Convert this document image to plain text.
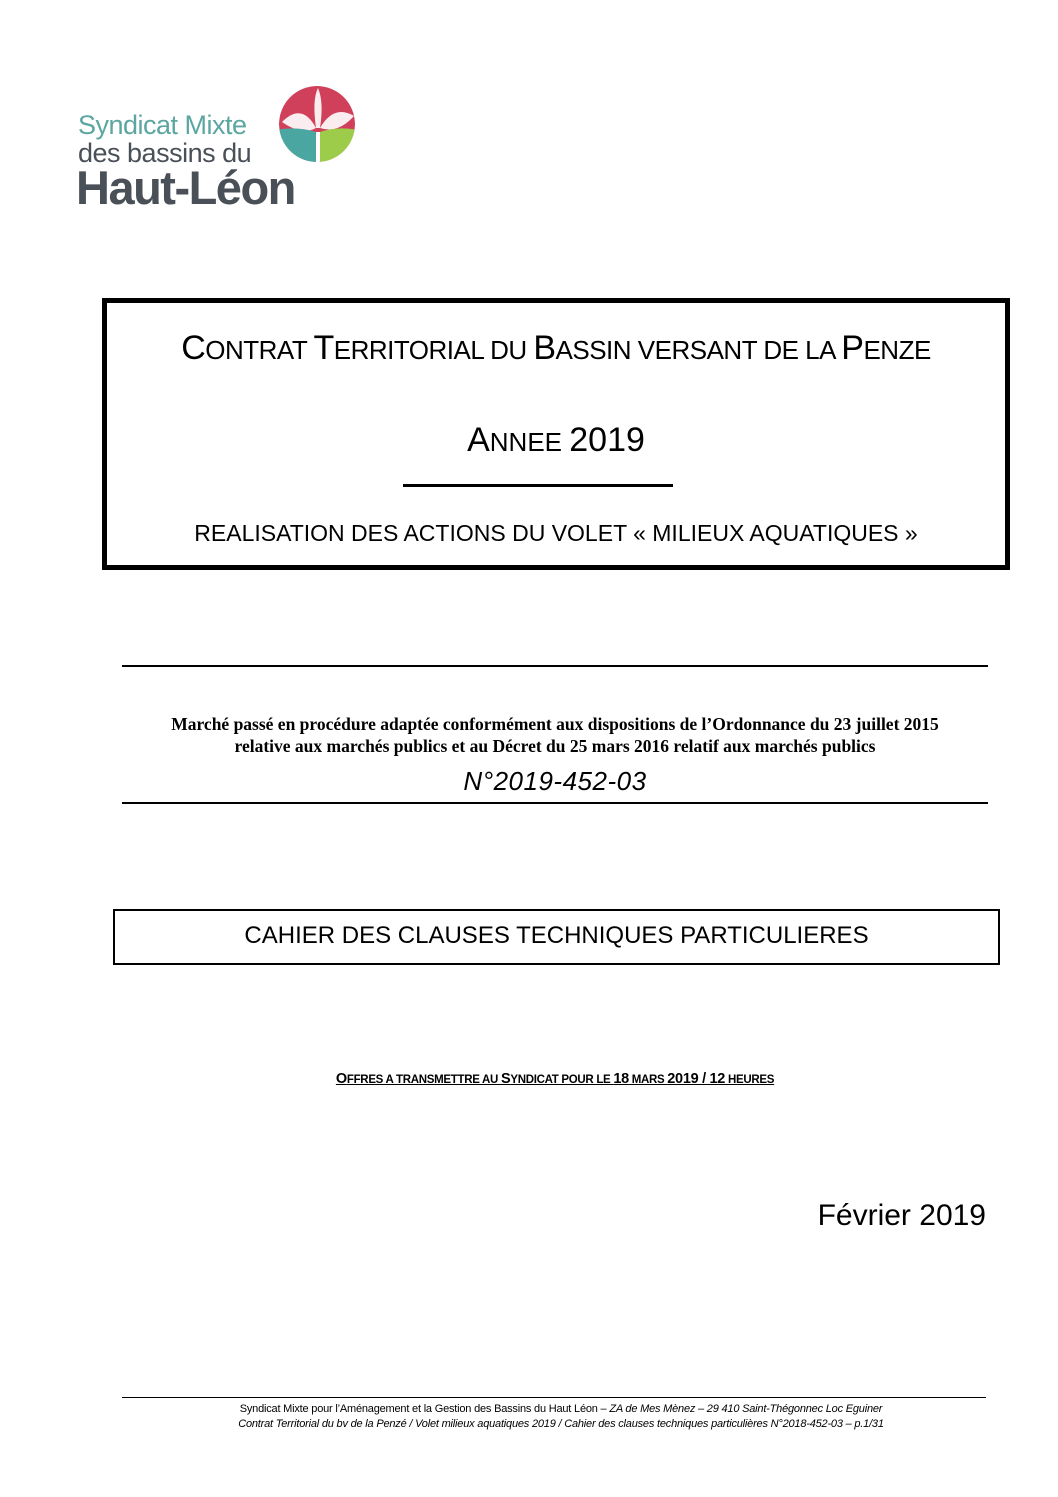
Syndicat Mixte
des bassins du
Haut-Léon
CONTRAT TERRITORIAL DU BASSIN VERSANT DE LA PENZE
ANNEE 2019
REALISATION DES ACTIONS DU VOLET « MILIEUX AQUATIQUES »
Marché passé en procédure adaptée conformément aux dispositions de l’Ordonnance du 23 juillet 2015
relative aux marchés publics et au Décret du 25 mars 2016 relatif aux marchés publics
N°2019-452-03
CAHIER DES CLAUSES TECHNIQUES PARTICULIERES
OFFRES A TRANSMETTRE AU SYNDICAT POUR LE 18 MARS 2019 / 12 HEURES
Février 2019
Syndicat Mixte pour l’Aménagement et la Gestion des Bassins du Haut Léon – ZA de Mes Mènez – 29 410 Saint-Thégonnec Loc Eguiner
Contrat Territorial du bv de la Penzé / Volet milieux aquatiques 2019 / Cahier des clauses techniques particulières N°2018-452-03 – p.1/31
